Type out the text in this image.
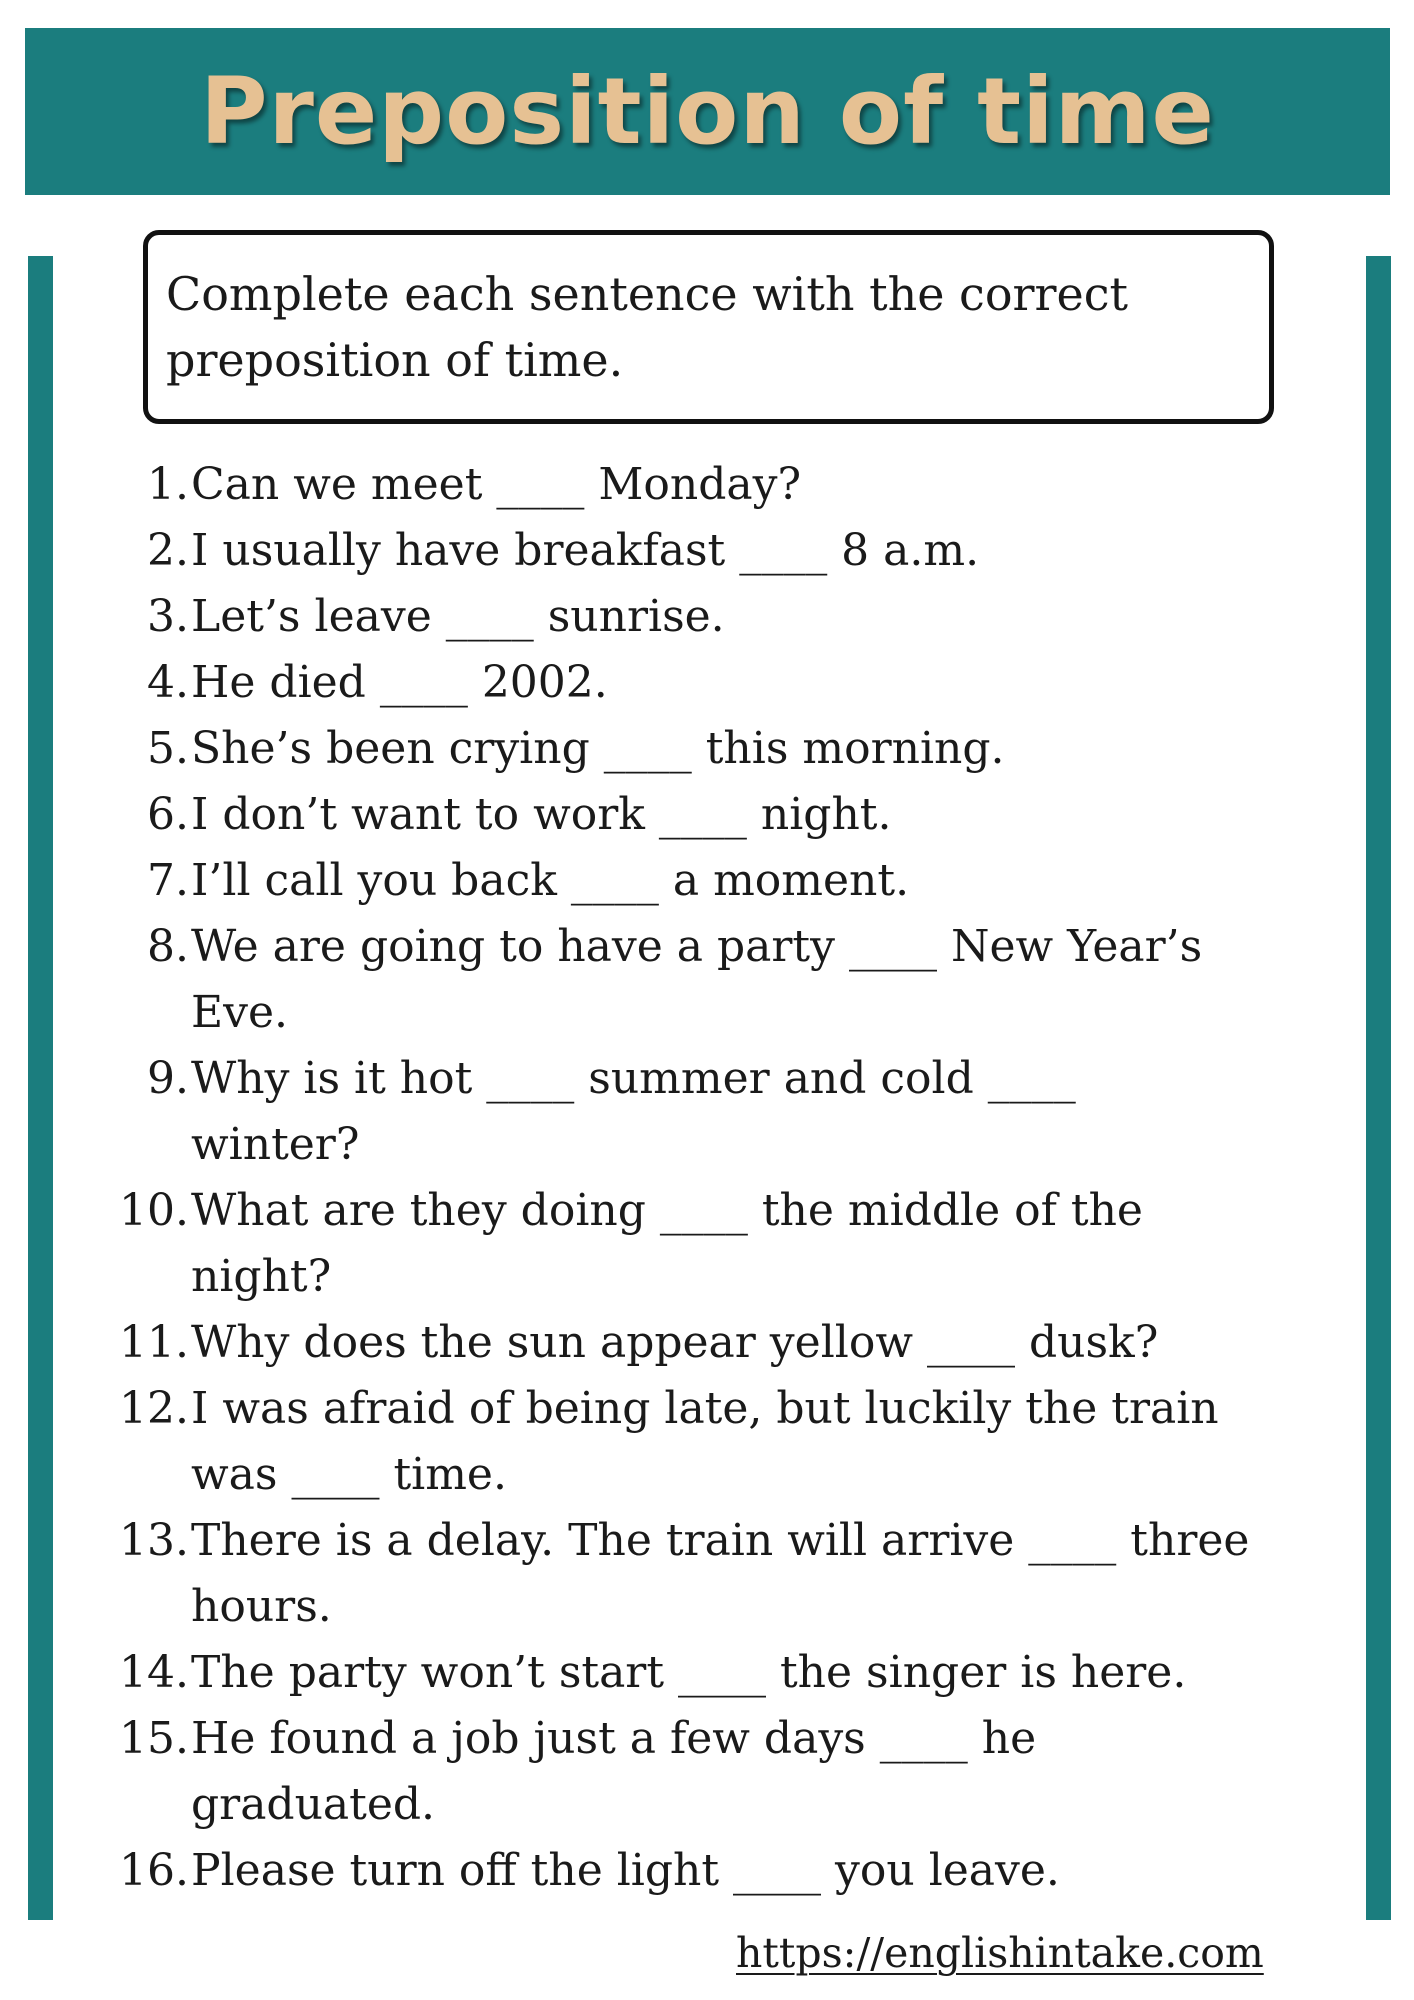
Preposition of time
Complete each sentence with the correct
preposition of time.
1. Can we meet ____ Monday?
2. I usually have breakfast ____ 8 a.m.
3. Let’s leave ____ sunrise.
4. He died ____ 2002.
5. She’s been crying ____ this morning.
6. I don’t want to work ____ night.
7. I’ll call you back ____ a moment.
8. We are going to have a party ____ New Year’s
Eve.
9. Why is it hot ____ summer and cold ____
winter?
10. What are they doing ____ the middle of the
night?
11. Why does the sun appear yellow ____ dusk?
12. I was afraid of being late, but luckily the train
was ____ time.
13. There is a delay. The train will arrive ____ three
hours.
14. The party won’t start ____ the singer is here.
15. He found a job just a few days ____ he
graduated.
16. Please turn off the light ____ you leave.
https://englishintake.com
